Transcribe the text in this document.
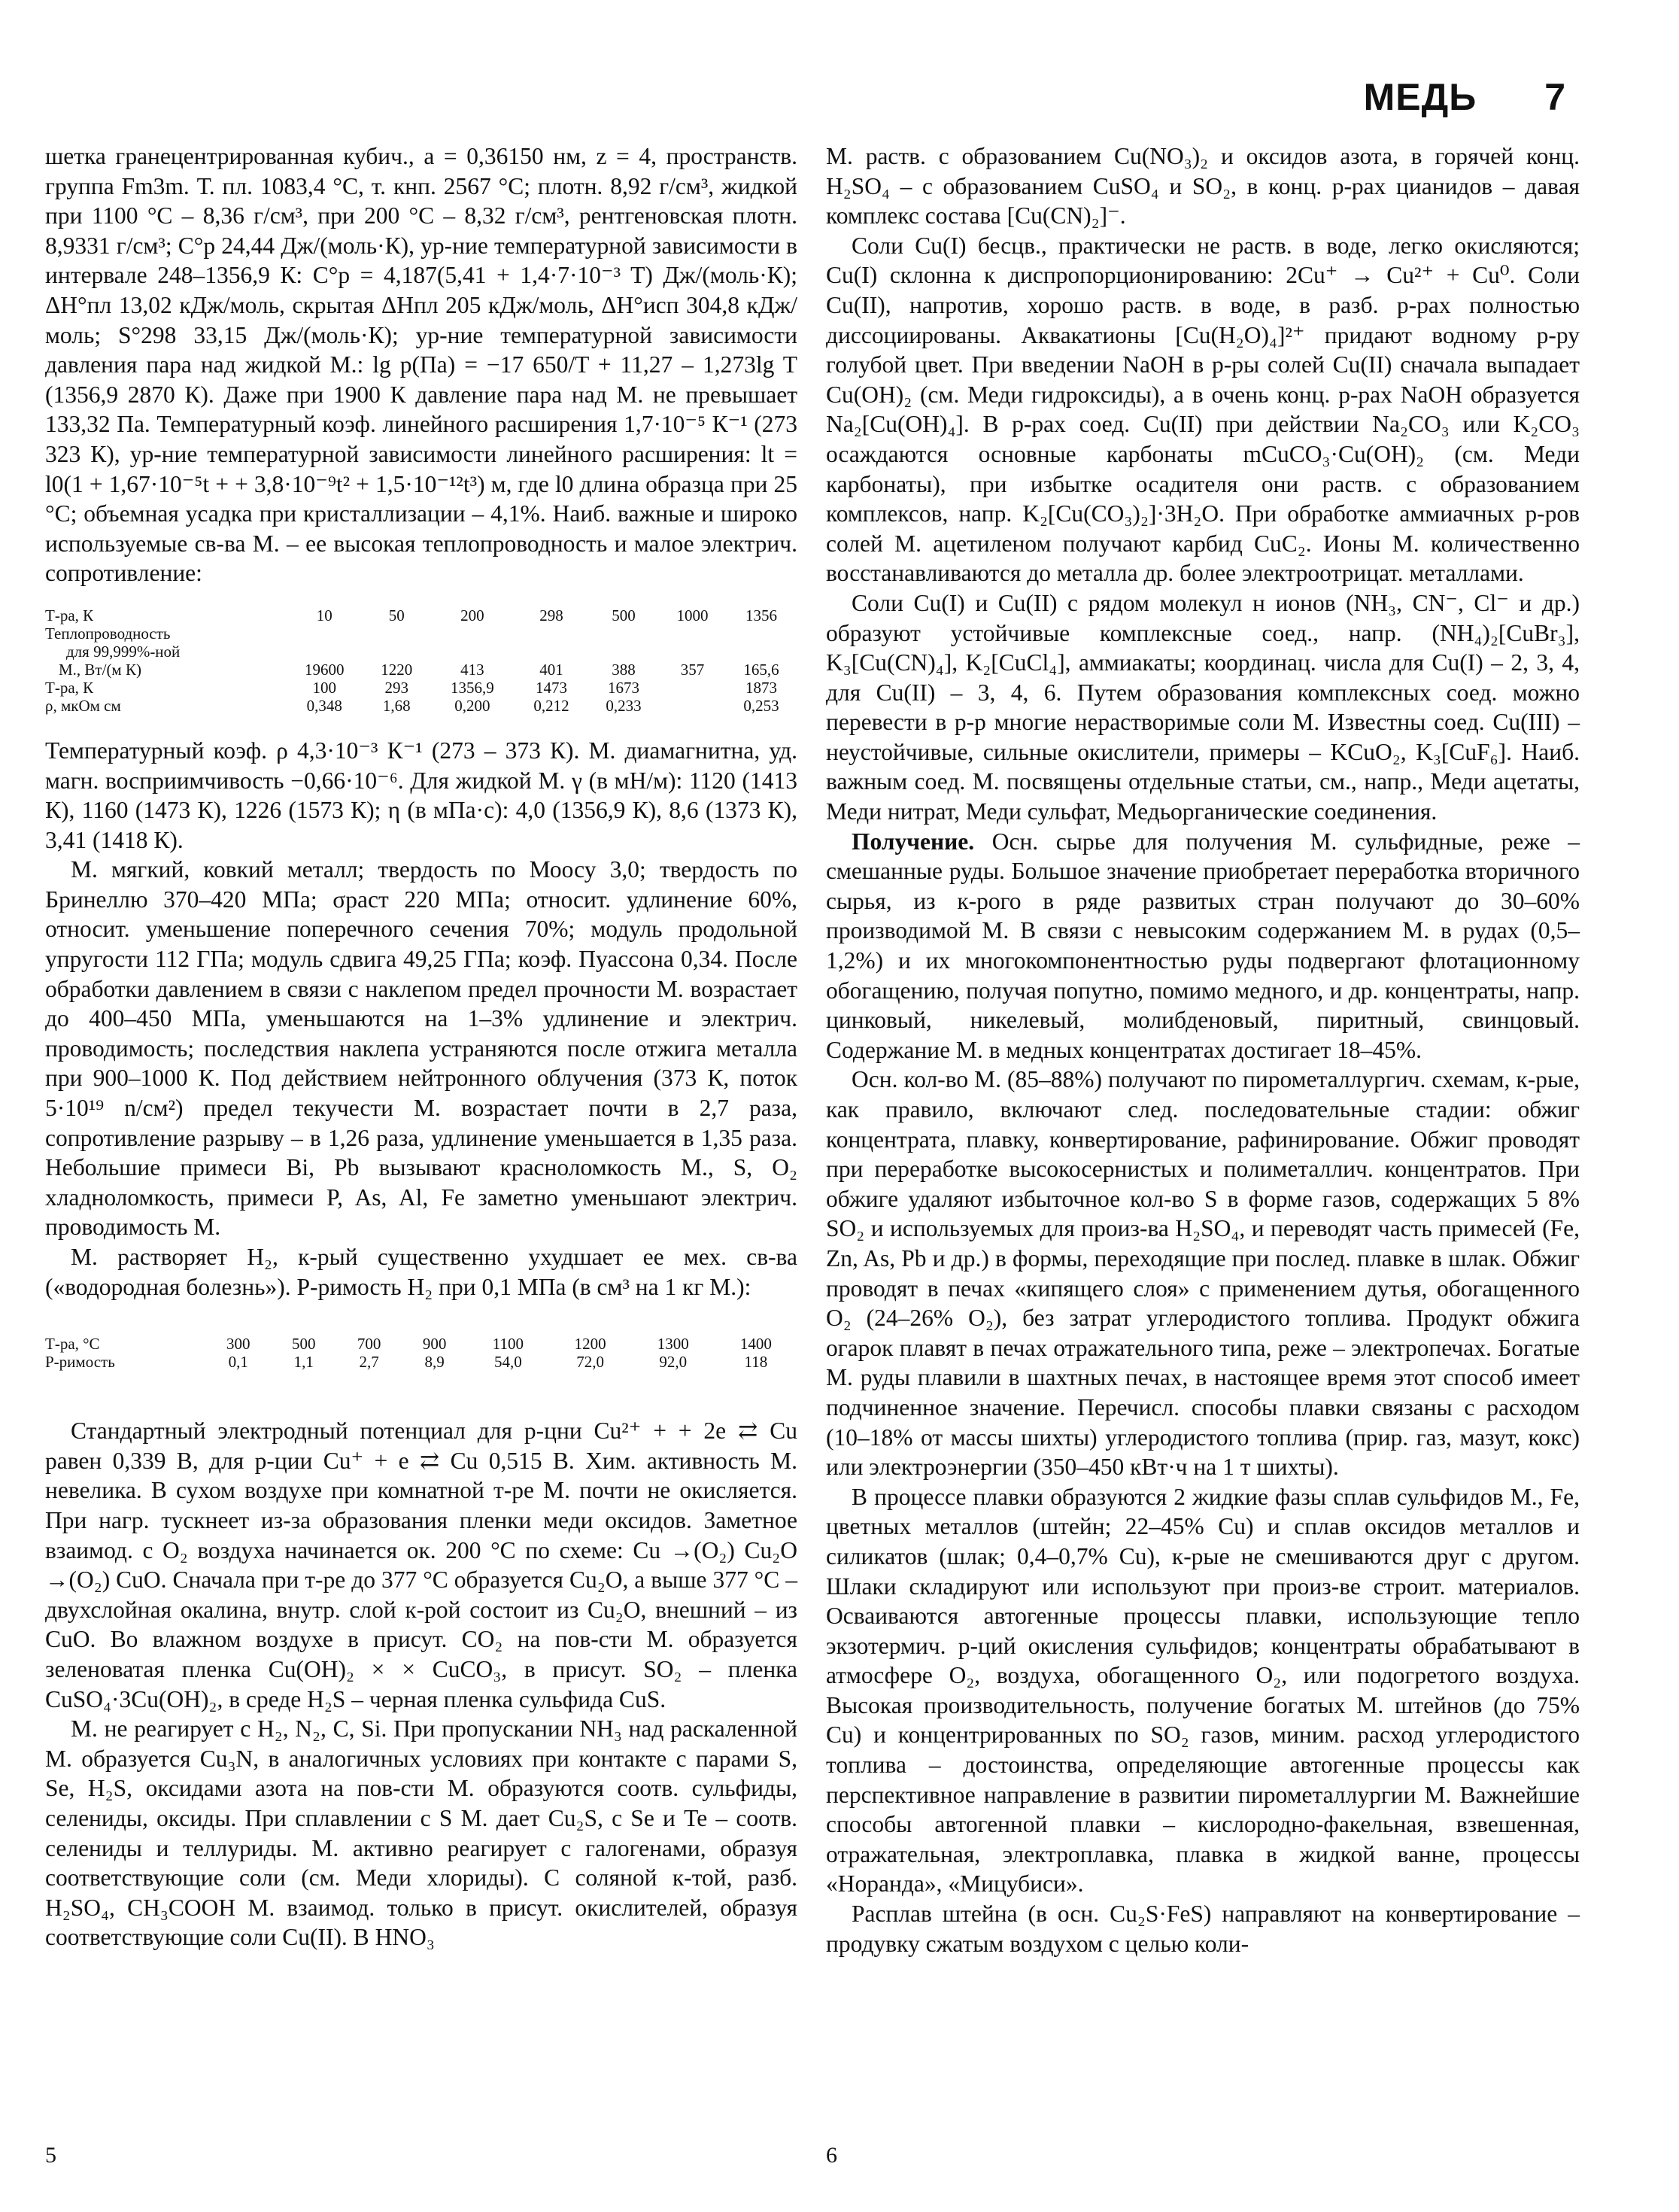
МЕДЬ 7

шетка гранецентрированная кубич., a = 0,36150 нм, z = 4, пространств. группа Fm3m. Т. пл. 1083,4 °C, т. кнп. 2567 °C; плотн. 8,92 г/см³, жидкой при 1100 °C – 8,36 г/см³, при 200 °C – 8,32 г/см³, рентгеновская плотн. 8,9331 г/см³; C°p 24,44 Дж/(моль·К), ур-ние температурной зависимости в интервале 248–1356,9 К: C°p = 4,187(5,41 + 1,4·7·10⁻³ T) Дж/(моль·К); ΔH°пл 13,02 кДж/моль, скрытая ΔHпл 205 кДж/моль, ΔH°исп 304,8 кДж/моль; S°298 33,15 Дж/(моль·К); ур-ние температурной зависимости давления пара над жидкой М.: lg p(Па) = −17 650/T + 11,27 – 1,273lg T (1356,9 2870 К). Даже при 1900 К давление пара над М. не превышает 133,32 Па. Температурный коэф. линейного расширения 1,7·10⁻⁵ К⁻¹ (273 323 К), ур-ние температурной зависимости линейного расширения: lt = l0(1 + 1,67·10⁻⁵t + + 3,8·10⁻⁹t² + 1,5·10⁻¹²t³) м, где l0 длина образца при 25 °C; объемная усадка при кристаллизации – 4,1%. Наиб. важные и широко используемые св-ва М. – ее высокая теплопроводность и малое электрич. сопротивление:

Т-ра, К	10	50	200	298	500	1000	1356
Теплопроводность							
для 99,999%-ной							
М., Вт/(м К)	19600	1220	413	401	388	357	165,6
Т-ра, К	100	293	1356,9	1473	1673		1873
ρ, мкОм см	0,348	1,68	0,200	0,212	0,233		0,253

Температурный коэф. ρ 4,3·10⁻³ К⁻¹ (273 – 373 К). М. диамагнитна, уд. магн. восприимчивость −0,66·10⁻⁶. Для жидкой М. γ (в мН/м): 1120 (1413 К), 1160 (1473 К), 1226 (1573 К); η (в мПа·с): 4,0 (1356,9 К), 8,6 (1373 К), 3,41 (1418 К).

М. мягкий, ковкий металл; твердость по Моосу 3,0; твердость по Бринеллю 370–420 МПа; σраст 220 МПа; относит. удлинение 60%, относит. уменьшение поперечного сечения 70%; модуль продольной упругости 112 ГПа; модуль сдвига 49,25 ГПа; коэф. Пуассона 0,34. После обработки давлением в связи с наклепом предел прочности М. возрастает до 400–450 МПа, уменьшаются на 1–3% удлинение и электрич. проводимость; последствия наклепа устраняются после отжига металла при 900–1000 К. Под действием нейтронного облучения (373 К, поток 5·10¹⁹ n/см²) предел текучести М. возрастает почти в 2,7 раза, сопротивление разрыву – в 1,26 раза, удлинение уменьшается в 1,35 раза. Небольшие примеси Bi, Pb вызывают красноломкость М., S, O₂ хладноломкость, примеси P, As, Al, Fe заметно уменьшают электрич. проводимость М.

М. растворяет H₂, к-рый существенно ухудшает ее мех. св-ва («водородная болезнь»). Р-римость H₂ при 0,1 МПа (в см³ на 1 кг М.):

Т-ра, °С	300	500	700	900	1100	1200	1300	1400
Р-римость	0,1	1,1	2,7	8,9	54,0	72,0	92,0	118

Стандартный электродный потенциал для р-цни Cu²⁺ + + 2e ⇄ Cu равен 0,339 В, для р-ции Cu⁺ + e ⇄ Cu 0,515 В. Хим. активность М. невелика. В сухом воздухе при комнатной т-ре М. почти не окисляется. При нагр. тускнеет из-за образования пленки меди оксидов. Заметное взаимод. с O₂ воздуха начинается ок. 200 °C по схеме: Cu →(O₂) Cu₂O →(O₂) CuO. Сначала при т-ре до 377 °C образуется Cu₂O, а выше 377 °C – двухслойная окалина, внутр. слой к-рой состоит из Cu₂O, внешний – из CuO. Во влажном воздухе в присут. CO₂ на пов-сти М. образуется зеленоватая пленка Cu(OH)₂ × × CuCO₃, в присут. SO₂ – пленка CuSO₄·3Cu(OH)₂, в среде H₂S – черная пленка сульфида CuS.

М. не реагирует с H₂, N₂, C, Si. При пропускании NH₃ над раскаленной М. образуется Cu₃N, в аналогичных условиях при контакте с парами S, Se, H₂S, оксидами азота на пов-сти М. образуются соотв. сульфиды, селениды, оксиды. При сплавлении с S М. дает Cu₂S, с Se и Te – соотв. селениды и теллуриды. М. активно реагирует с галогенами, образуя соответствующие соли (см. Меди хлориды). С соляной к-той, разб. H₂SO₄, CH₃COOH М. взаимод. только в присут. окислителей, образуя соответствующие соли Cu(II). В HNO₃

М. раств. с образованием Cu(NO₃)₂ и оксидов азота, в горячей конц. H₂SO₄ – с образованием CuSO₄ и SO₂, в конц. р-рах цианидов – давая комплекс состава [Cu(CN)₂]⁻.

Соли Cu(I) бесцв., практически не раств. в воде, легко окисляются; Cu(I) склонна к диспропорционированию: 2Cu⁺ → Cu²⁺ + Cu⁰. Соли Cu(II), напротив, хорошо раств. в воде, в разб. р-рах полностью диссоциированы. Аквакатионы [Cu(H₂O)₄]²⁺ придают водному р-ру голубой цвет. При введении NaOH в р-ры солей Cu(II) сначала выпадает Cu(OH)₂ (см. Меди гидроксиды), а в очень конц. р-рах NaOH образуется Na₂[Cu(OH)₄]. В р-рах соед. Cu(II) при действии Na₂CO₃ или K₂CO₃ осаждаются основные карбонаты mCuCO₃·Cu(OH)₂ (см. Меди карбонаты), при избытке осадителя они раств. с образованием комплексов, напр. K₂[Cu(CO₃)₂]·3H₂O. При обработке аммиачных р-ров солей М. ацетиленом получают карбид CuC₂. Ионы М. количественно восстанавливаются до металла др. более электроотрицат. металлами.

Соли Cu(I) и Cu(II) с рядом молекул н ионов (NH₃, CN⁻, Cl⁻ и др.) образуют устойчивые комплексные соед., напр. (NH₄)₂[CuBr₃], K₃[Cu(CN)₄], K₂[CuCl₄], аммиакаты; координац. числа для Cu(I) – 2, 3, 4, для Cu(II) – 3, 4, 6. Путем образования комплексных соед. можно перевести в р-р многие нерастворимые соли М. Известны соед. Cu(III) – неустойчивые, сильные окислители, примеры – KCuO₂, K₃[CuF₆]. Наиб. важным соед. М. посвящены отдельные статьи, см., напр., Меди ацетаты, Меди нитрат, Меди сульфат, Медьорганические соединения.

Получение. Осн. сырье для получения М. сульфидные, реже – смешанные руды. Большое значение приобретает переработка вторичного сырья, из к-рого в ряде развитых стран получают до 30–60% производимой М. В связи с невысоким содержанием М. в рудах (0,5–1,2%) и их многокомпонентностью руды подвергают флотационному обогащению, получая попутно, помимо медного, и др. концентраты, напр. цинковый, никелевый, молибденовый, пиритный, свинцовый. Содержание М. в медных концентратах достигает 18–45%.

Осн. кол-во М. (85–88%) получают по пирометаллургич. схемам, к-рые, как правило, включают след. последовательные стадии: обжиг концентрата, плавку, конвертирование, рафинирование. Обжиг проводят при переработке высокосернистых и полиметаллич. концентратов. При обжиге удаляют избыточное кол-во S в форме газов, содержащих 5 8% SO₂ и используемых для произ-ва H₂SO₄, и переводят часть примесей (Fe, Zn, As, Pb и др.) в формы, переходящие при послед. плавке в шлак. Обжиг проводят в печах «кипящего слоя» с применением дутья, обогащенного O₂ (24–26% O₂), без затрат углеродистого топлива. Продукт обжига огарок плавят в печах отражательного типа, реже – электропечах. Богатые М. руды плавили в шахтных печах, в настоящее время этот способ имеет подчиненное значение. Перечисл. способы плавки связаны с расходом (10–18% от массы шихты) углеродистого топлива (прир. газ, мазут, кокс) или электроэнергии (350–450 кВт·ч на 1 т шихты).

В процессе плавки образуются 2 жидкие фазы сплав сульфидов М., Fe, цветных металлов (штейн; 22–45% Cu) и сплав оксидов металлов и силикатов (шлак; 0,4–0,7% Cu), к-рые не смешиваются друг с другом. Шлаки складируют или используют при произ-ве строит. материалов. Осваиваются автогенные процессы плавки, использующие тепло экзотермич. р-ций окисления сульфидов; концентраты обрабатывают в атмосфере O₂, воздуха, обогащенного O₂, или подогретого воздуха. Высокая производительность, получение богатых М. штейнов (до 75% Cu) и концентрированных по SO₂ газов, миним. расход углеродистого топлива – достоинства, определяющие автогенные процессы как перспективное направление в развитии пирометаллургии М. Важнейшие способы автогенной плавки – кислородно-факельная, взвешенная, отражательная, электроплавка, плавка в жидкой ванне, процессы «Норанда», «Мицубиси».

Расплав штейна (в осн. Cu₂S·FeS) направляют на конвертирование – продувку сжатым воздухом с целью коли-

5	6
